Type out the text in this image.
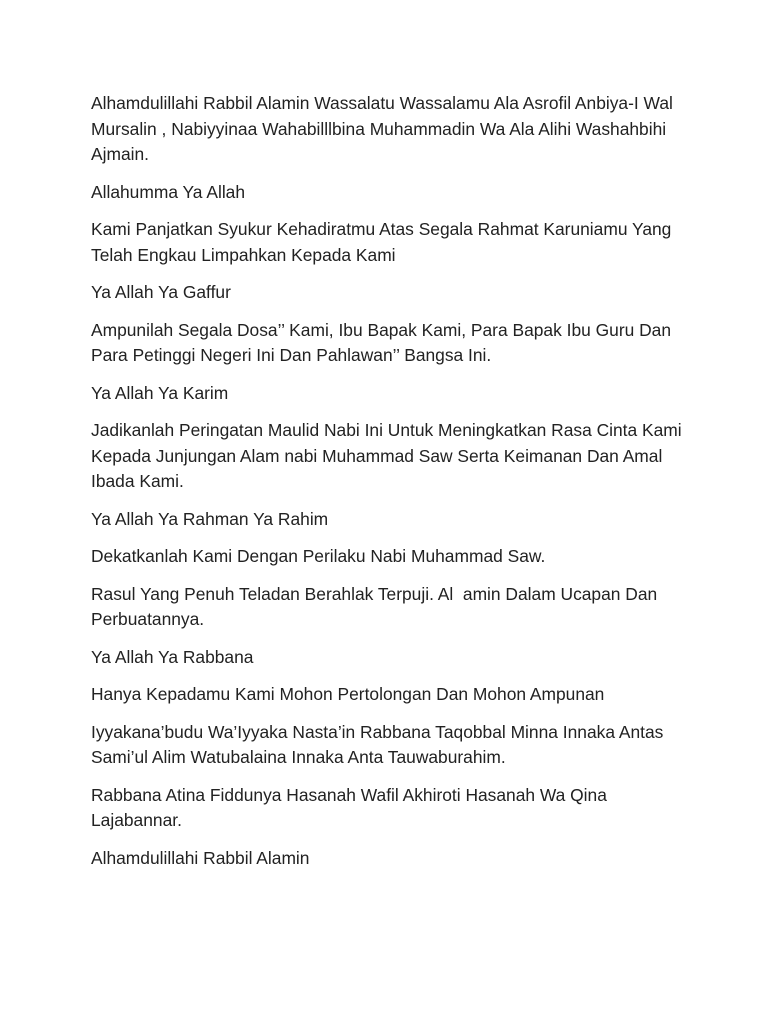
Alhamdulillahi Rabbil Alamin Wassalatu Wassalamu Ala Asrofil Anbiya-I Wal Mursalin , Nabiyyinaa Wahabilllbina Muhammadin Wa Ala Alihi Washahbihi Ajmain.

Allahumma Ya Allah

Kami Panjatkan Syukur Kehadiratmu Atas Segala Rahmat Karuniamu Yang Telah Engkau Limpahkan Kepada Kami

Ya Allah Ya Gaffur

Ampunilah Segala Dosa’’ Kami, Ibu Bapak Kami, Para Bapak Ibu Guru Dan Para Petinggi Negeri Ini Dan Pahlawan’’ Bangsa Ini.

Ya Allah Ya Karim

Jadikanlah Peringatan Maulid Nabi Ini Untuk Meningkatkan Rasa Cinta Kami Kepada Junjungan Alam nabi Muhammad Saw Serta Keimanan Dan Amal Ibada Kami.

Ya Allah Ya Rahman Ya Rahim

Dekatkanlah Kami Dengan Perilaku Nabi Muhammad Saw.

Rasul Yang Penuh Teladan Berahlak Terpuji. Al  amin Dalam Ucapan Dan Perbuatannya.

Ya Allah Ya Rabbana

Hanya Kepadamu Kami Mohon Pertolongan Dan Mohon Ampunan

Iyyakana’budu Wa’Iyyaka Nasta’in Rabbana Taqobbal Minna Innaka Antas Sami’ul Alim Watubalaina Innaka Anta Tauwaburahim.

Rabbana Atina Fiddunya Hasanah Wafil Akhiroti Hasanah Wa Qina Lajabannar.

Alhamdulillahi Rabbil Alamin
